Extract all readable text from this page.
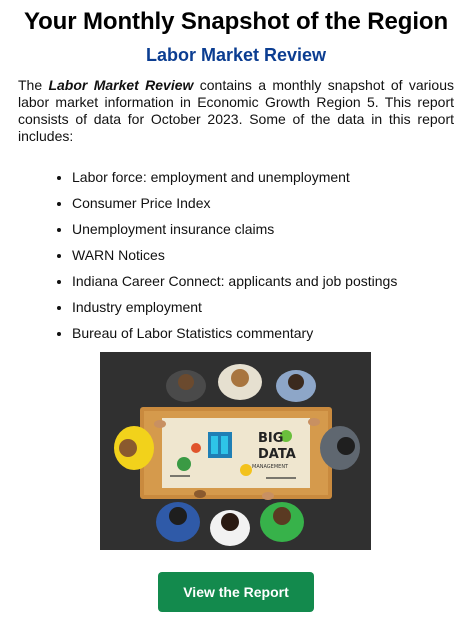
Your Monthly Snapshot of the Region
Labor Market Review

The Labor Market Review contains a monthly snapshot of various labor market information in Economic Growth Region 5. This report consists of data for October 2023. Some of the data in this report includes:

• Labor force: employment and unemployment
• Consumer Price Index
• Unemployment insurance claims
• WARN Notices
• Indiana Career Connect: applicants and job postings
• Industry employment
• Bureau of Labor Statistics commentary
BIG
DATA
MANAGEMENT
View the Report
